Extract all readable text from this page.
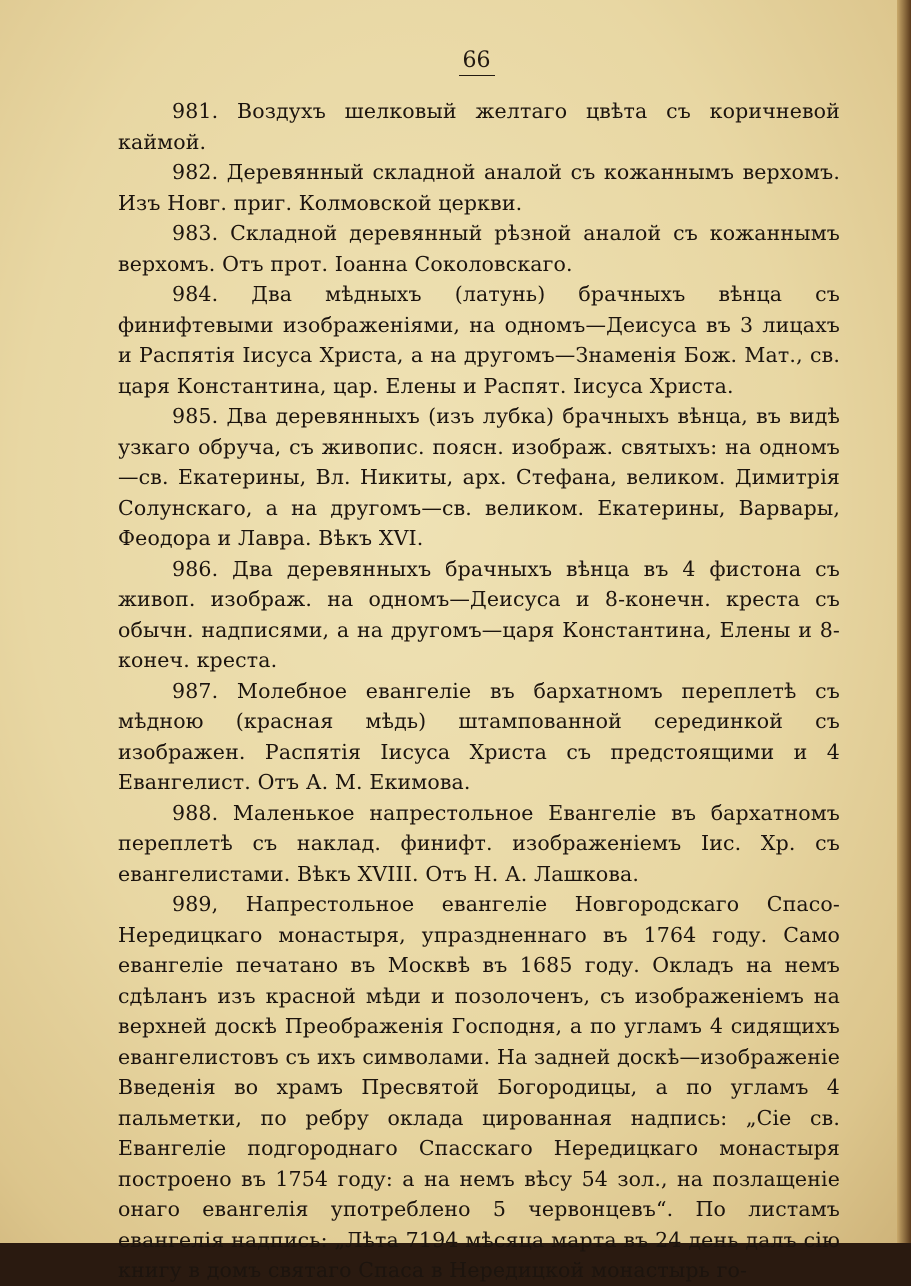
66

981. Воздухъ шелковый желтаго цвѣта съ коричневой каймой.

982. Деревянный складной аналой съ кожаннымъ верхомъ. Изъ Новг. приг. Колмовской церкви.

983. Складной деревянный рѣзной аналой съ кожаннымъ верхомъ. Отъ прот. Іоанна Соколовскаго.

984. Два мѣдныхъ (латунь) брачныхъ вѣнца съ финифтевыми изображеніями, на одномъ—Деисуса въ 3 лицахъ и Распятія Іисуса Христа, а на другомъ—Знаменія Бож. Мат., св. царя Константина, цар. Елены и Распят. Іисуса Христа.

985. Два деревянныхъ (изъ лубка) брачныхъ вѣнца, въ видѣ узкаго обруча, съ живопис. поясн. изображ. святыхъ: на одномъ—св. Екатерины, Вл. Никиты, арх. Стефана, великом. Димитрія Солунскаго, а на другомъ—св. великом. Екатерины, Варвары, Феодора и Лавра. Вѣкъ XVI.

986. Два деревянныхъ брачныхъ вѣнца въ 4 фистона съ живоп. изображ. на одномъ—Деисуса и 8-конечн. креста съ обычн. надписями, а на другомъ—царя Константина, Елены и 8-конеч. креста.

987. Молебное евангеліе въ бархатномъ переплетѣ съ мѣдною (красная мѣдь) штампованной серединкой съ изображен. Распятія Іисуса Христа съ предстоящими и 4 Евангелист. Отъ А. М. Екимова.

988. Маленькое напрестольное Евангеліе въ бархатномъ переплетѣ съ наклад. финифт. изображеніемъ Іис. Хр. съ евангелистами. Вѣкъ XVIII. Отъ Н. А. Лашкова.

989, Напрестольное евангеліе Новгородскаго Спасо-Нередицкаго монастыря, упраздненнаго въ 1764 году. Само евангеліе печатано въ Москвѣ въ 1685 году. Окладъ на немъ сдѣланъ изъ красной мѣди и позолоченъ, съ изображеніемъ на верхней доскѣ Преображенія Господня, а по угламъ 4 сидящихъ евангелистовъ съ ихъ символами. На задней доскѣ—изображеніе Введенія во храмъ Пресвятой Богородицы, а по угламъ 4 пальметки, по ребру оклада цированная надпись: „Сіе св. Евангеліе подгороднаго Спасскаго Нередицкаго монастыря построено въ 1754 году: а на немъ вѣсу 54 зол., на позлащеніе онаго евангелія употреблено 5 червонцевъ“. По листамъ евангелія надпись: „Лѣта 7194 мѣсяца марта въ 24 день далъ сію книгу в домъ святаго Спаса в Нередицкой монастырь го-
